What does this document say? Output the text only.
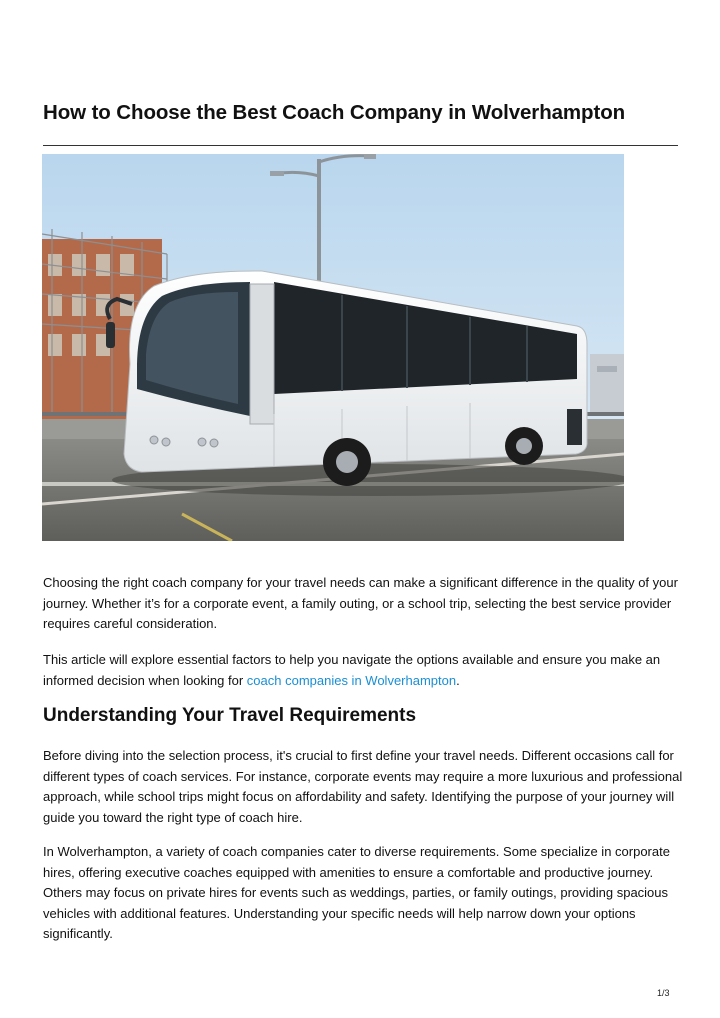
How to Choose the Best Coach Company in Wolverhampton

Choosing the right coach company for your travel needs can make a significant difference in the quality of your journey. Whether it’s for a corporate event, a family outing, or a school trip, selecting the best service provider requires careful consideration.

This article will explore essential factors to help you navigate the options available and ensure you make an informed decision when looking for coach companies in Wolverhampton.

Understanding Your Travel Requirements

Before diving into the selection process, it's crucial to first define your travel needs. Different occasions call for different types of coach services. For instance, corporate events may require a more luxurious and professional approach, while school trips might focus on affordability and safety. Identifying the purpose of your journey will guide you toward the right type of coach hire.

In Wolverhampton, a variety of coach companies cater to diverse requirements. Some specialize in corporate hires, offering executive coaches equipped with amenities to ensure a comfortable and productive journey. Others may focus on private hires for events such as weddings, parties, or family outings, providing spacious vehicles with additional features. Understanding your specific needs will help narrow down your options significantly.

1/3
